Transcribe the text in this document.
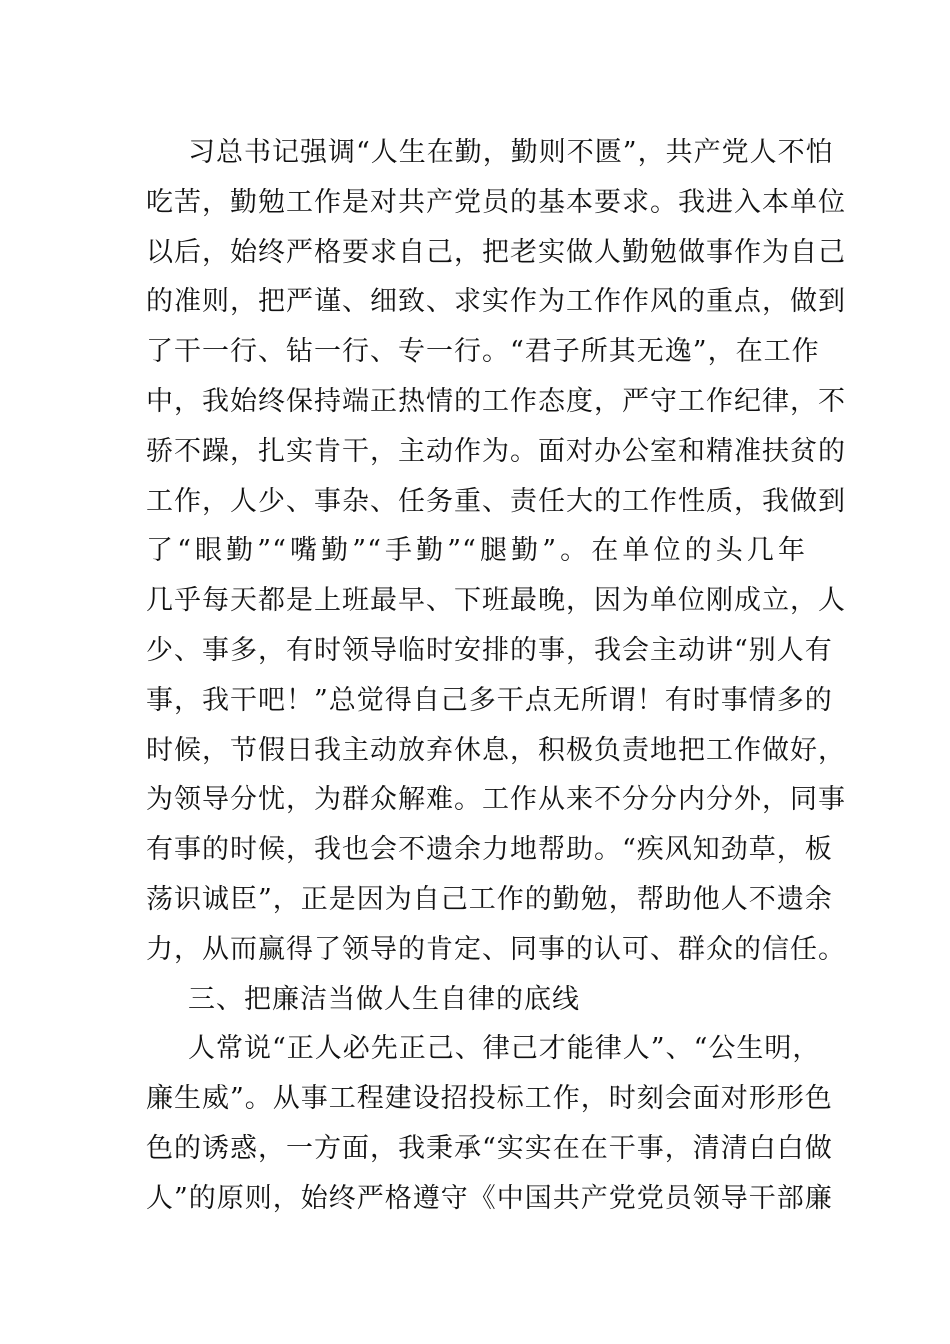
习总书记强调“人生在勤，勤则不匮”，共产党人不怕
吃苦，勤勉工作是对共产党员的基本要求。我进入本单位
以后，始终严格要求自己，把老实做人勤勉做事作为自己
的准则，把严谨、细致、求实作为工作作风的重点，做到
了干一行、钻一行、专一行。“君子所其无逸”，在工作
中，我始终保持端正热情的工作态度，严守工作纪律，不
骄不躁，扎实肯干，主动作为。面对办公室和精准扶贫的
工作，人少、事杂、任务重、责任大的工作性质，我做到
了“眼勤”“嘴勤”“手勤”“腿勤”。在单位的头几年
几乎每天都是上班最早、下班最晚，因为单位刚成立，人
少、事多，有时领导临时安排的事，我会主动讲“别人有
事，我干吧！”总觉得自己多干点无所谓！有时事情多的
时候，节假日我主动放弃休息，积极负责地把工作做好，
为领导分忧，为群众解难。工作从来不分分内分外，同事
有事的时候，我也会不遗余力地帮助。“疾风知劲草，板
荡识诚臣”，正是因为自己工作的勤勉，帮助他人不遗余
力，从而赢得了领导的肯定、同事的认可、群众的信任。
三、把廉洁当做人生自律的底线
人常说“正人必先正己、律己才能律人”、“公生明，
廉生威”。从事工程建设招投标工作，时刻会面对形形色
色的诱惑，一方面，我秉承“实实在在干事，清清白白做
人”的原则，始终严格遵守《中国共产党党员领导干部廉
